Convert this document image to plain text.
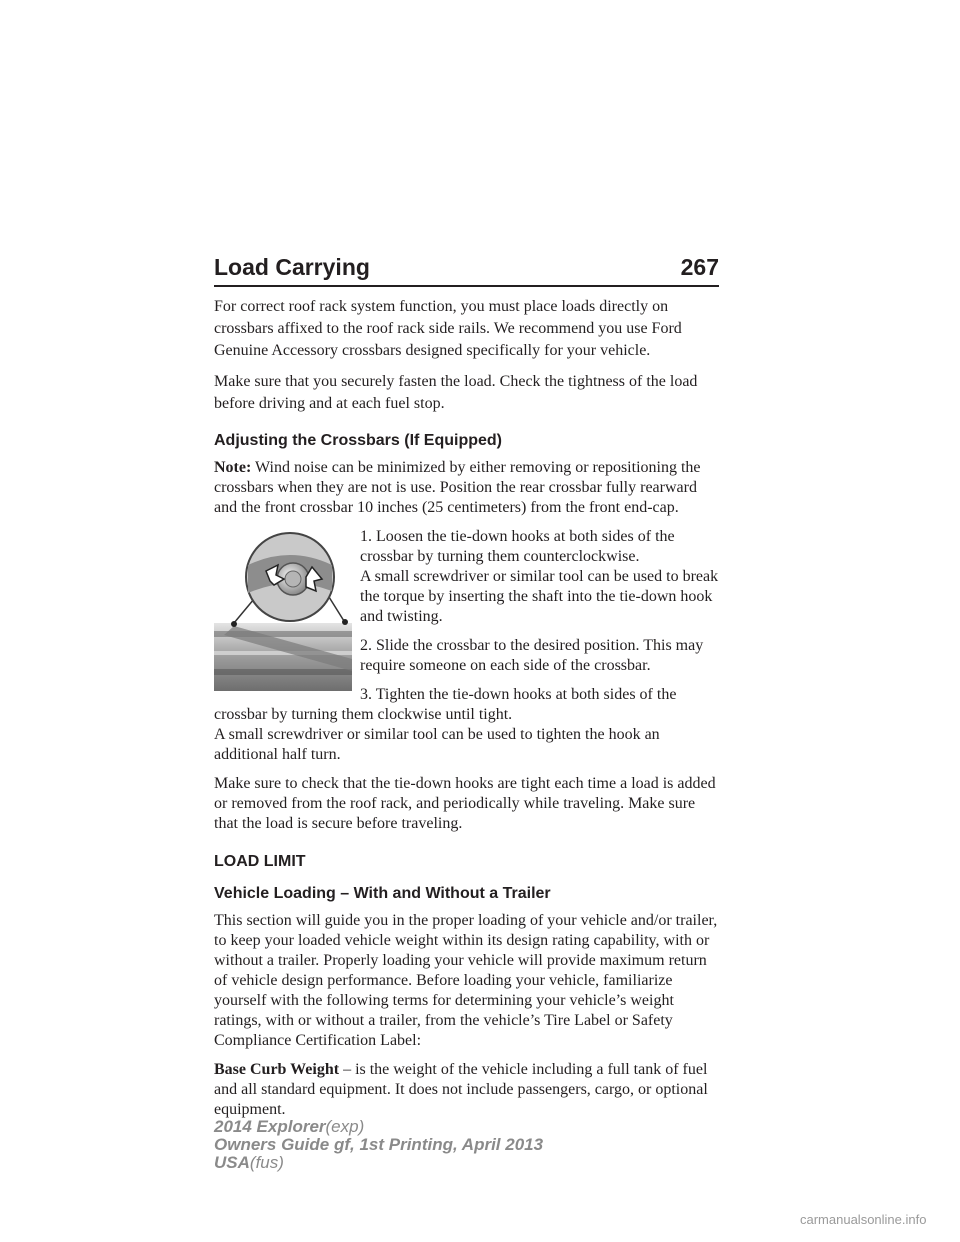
Load Carrying	267

For correct roof rack system function, you must place loads directly on crossbars affixed to the roof rack side rails. We recommend you use Ford Genuine Accessory crossbars designed specifically for your vehicle.

Make sure that you securely fasten the load. Check the tightness of the load before driving and at each fuel stop.

Adjusting the Crossbars (If Equipped)

Note: Wind noise can be minimized by either removing or repositioning the crossbars when they are not is use. Position the rear crossbar fully rearward and the front crossbar 10 inches (25 centimeters) from the front end-cap.

1. Loosen the tie-down hooks at both sides of the crossbar by turning them counterclockwise.

A small screwdriver or similar tool can be used to break the torque by inserting the shaft into the tie-down hook and twisting.

2. Slide the crossbar to the desired position. This may require someone on each side of the crossbar.

3. Tighten the tie-down hooks at both sides of the crossbar by turning them clockwise until tight.

A small screwdriver or similar tool can be used to tighten the hook an additional half turn.

Make sure to check that the tie-down hooks are tight each time a load is added or removed from the roof rack, and periodically while traveling. Make sure that the load is secure before traveling.

LOAD LIMIT
Vehicle Loading – With and Without a Trailer

This section will guide you in the proper loading of your vehicle and/or trailer, to keep your loaded vehicle weight within its design rating capability, with or without a trailer. Properly loading your vehicle will provide maximum return of vehicle design performance. Before loading your vehicle, familiarize yourself with the following terms for determining your vehicle’s weight ratings, with or without a trailer, from the vehicle’s Tire Label or Safety Compliance Certification Label:

Base Curb Weight – is the weight of the vehicle including a full tank of fuel and all standard equipment. It does not include passengers, cargo, or optional equipment.

2014 Explorer(exp)
Owners Guide gf, 1st Printing, April 2013
USA(fus)
carmanualsonline.info
